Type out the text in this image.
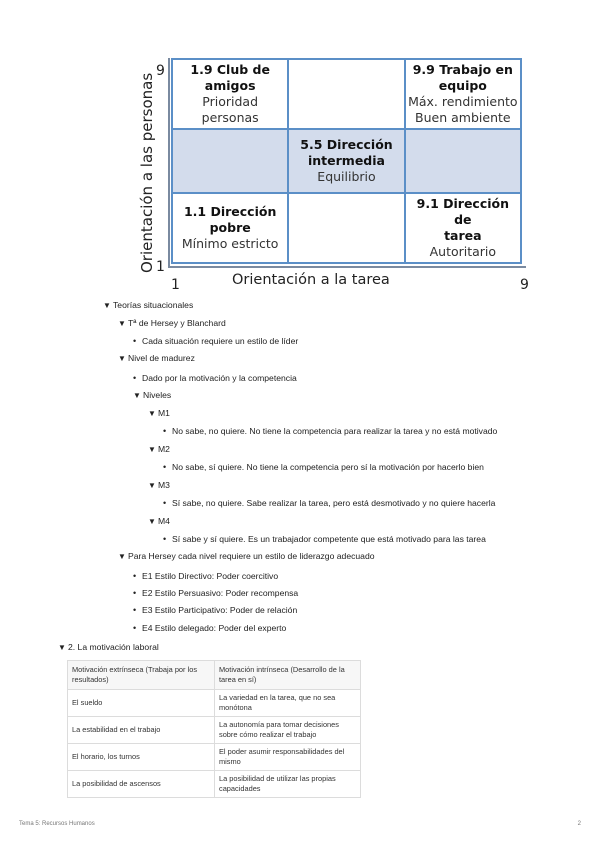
Orientación a las personas
9
1
1	9
Orientación a la tarea
1.9 Club de amigos
Prioridad personas
9.9 Trabajo en
equipo
Máx. rendimiento
Buen ambiente
5.5 Dirección
intermedia
Equilibrio
1.1 Dirección
pobre
Mínimo estricto
9.1 Dirección de
tarea
Autoritario
▼ Teorías situacionales
▼ Tª de Hersey y Blanchard
• Cada situación requiere un estilo de líder
▼ Nivel de madurez
• Dado por la motivación y la competencia
▼ Niveles
▼ M1
• No sabe, no quiere. No tiene la competencia para realizar la tarea y no está motivado
▼ M2
• No sabe, sí quiere. No tiene la competencia pero sí la motivación por hacerlo bien
▼ M3
• Sí sabe, no quiere. Sabe realizar la tarea, pero está desmotivado y no quiere hacerla
▼ M4
• Sí sabe y sí quiere. Es un trabajador competente que está motivado para las tarea
▼ Para Hersey cada nivel requiere un estilo de liderazgo adecuado
• E1 Estilo Directivo: Poder coercitivo
• E2 Estilo Persuasivo: Poder recompensa
• E3 Estilo Participativo: Poder de relación
• E4 Estilo delegado: Poder del experto
▼ 2. La motivación laboral
Motivación extrínseca (Trabaja por los resultados)	Motivación intrínseca (Desarrollo de la tarea en sí)
El sueldo	La variedad en la tarea, que no sea monótona
La estabilidad en el trabajo	La autonomía para tomar decisiones sobre cómo realizar el trabajo
El horario, los turnos	El poder asumir responsabilidades del mismo
La posibilidad de ascensos	La posibilidad de utilizar las propias capacidades
Tema 5: Recursos Humanos	2
